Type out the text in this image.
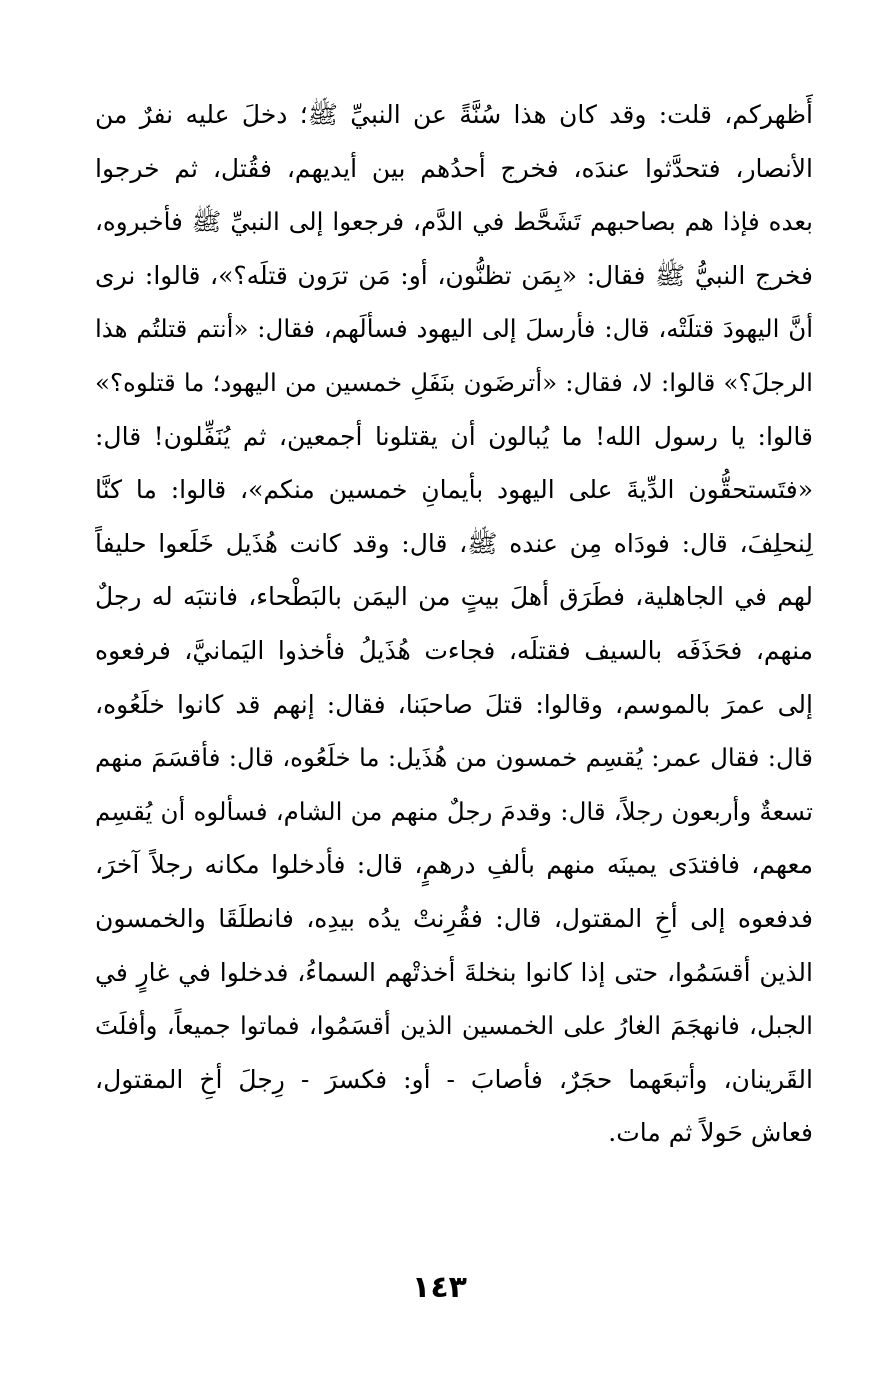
أَظهركم، قلت: وقد كان هذا سُنَّةً عن النبيِّ ﷺ؛ دخلَ عليه نفرٌ من
الأنصار، فتحدَّثوا عندَه، فخرج أحدُهم بين أيديهم، فقُتل، ثم خرجوا
بعده فإذا هم بصاحبهم تَشَحَّط في الدَّم، فرجعوا إلى النبيِّ ﷺ فأخبروه،
فخرج النبيُّ ﷺ فقال: «بِمَن تظنُّون، أو: مَن ترَون قتلَه؟»، قالوا: نرى
أنَّ اليهودَ قتلَتْه، قال: فأرسلَ إلى اليهود فسألَهم، فقال: «أنتم قتلتُم هذا
الرجلَ؟» قالوا: لا، فقال: «أترضَون بنَفَلِ خمسين من اليهود؛ ما قتلوه؟»
قالوا: يا رسول الله! ما يُبالون أن يقتلونا أجمعين، ثم يُنَفِّلون! قال:
«فتَستحقُّون الدِّيةَ على اليهود بأيمانِ خمسين منكم»، قالوا: ما كنَّا
لِنحلِفَ، قال: فودَاه مِن عنده ﷺ، قال: وقد كانت هُذَيل خَلَعوا حليفاً
لهم في الجاهلية، فطَرَق أهلَ بيتٍ من اليمَن بالبَطْحاء، فانتبَه له رجلٌ
منهم، فحَذَفَه بالسيف فقتلَه، فجاءت هُذَيلُ فأخذوا اليَمانيَّ، فرفعوه
إلى عمرَ بالموسم، وقالوا: قتلَ صاحبَنا، فقال: إنهم قد كانوا خلَعُوه،
قال: فقال عمر: يُقسِم خمسون من هُذَيل: ما خلَعُوه، قال: فأقسَمَ منهم
تسعةٌ وأربعون رجلاً، قال: وقدمَ رجلٌ منهم من الشام، فسألوه أن يُقسِم
معهم، فافتدَى يمينَه منهم بألفِ درهمٍ، قال: فأدخلوا مكانه رجلاً آخرَ،
فدفعوه إلى أخِ المقتول، قال: فقُرِنتْ يدُه بيدِه، فانطلَقَا والخمسون
الذين أقسَمُوا، حتى إذا كانوا بنخلةَ أخذتْهم السماءُ، فدخلوا في غارٍ في
الجبل، فانهجَمَ الغارُ على الخمسين الذين أقسَمُوا، فماتوا جميعاً، وأفلَتَ
القَرينان، وأتبعَهما حجَرٌ، فأصابَ - أو: فكسرَ - رِجلَ أخِ المقتول،
فعاش حَولاً ثم مات.
١٤٣
